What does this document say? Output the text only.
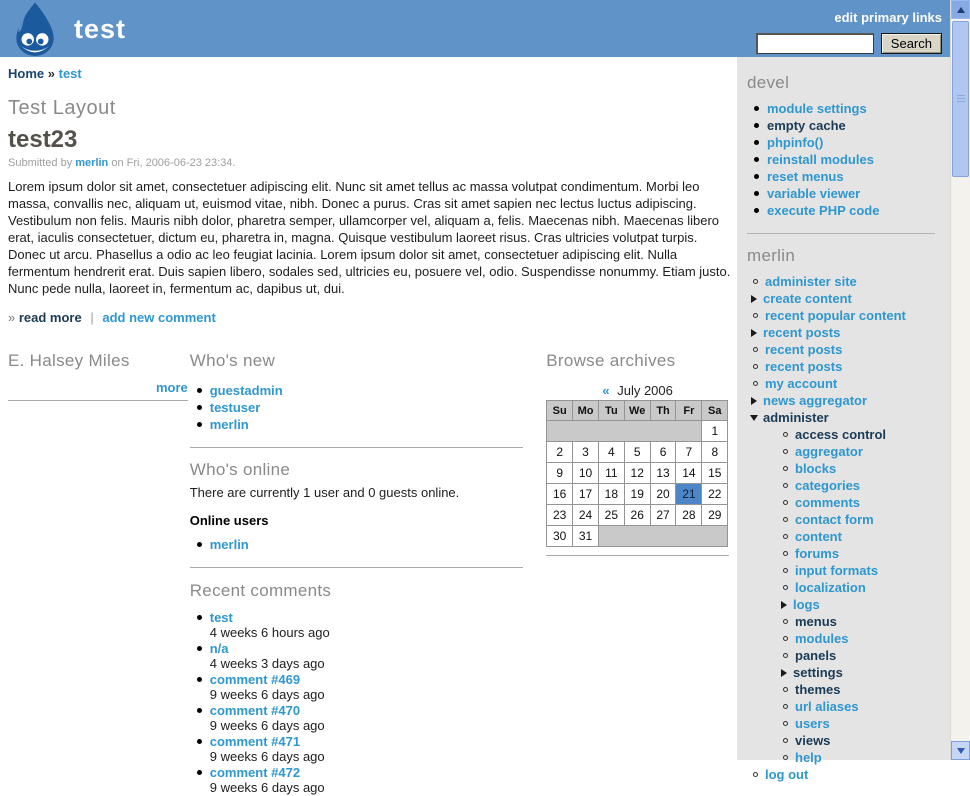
test	edit primary links
Search
Home » test
Test Layout
test23
Submitted by merlin on Fri, 2006-06-23 23:34.

Lorem ipsum dolor sit amet, consectetuer adipiscing elit. Nunc sit amet tellus ac massa volutpat condimentum. Morbi leo massa, convallis nec, aliquam ut, euismod vitae, nibh. Donec a purus. Cras sit amet sapien nec lectus luctus adipiscing. Vestibulum non felis. Mauris nibh dolor, pharetra semper, ullamcorper vel, aliquam a, felis. Maecenas nibh. Maecenas libero erat, iaculis consectetuer, dictum eu, pharetra in, magna. Quisque vestibulum laoreet risus. Cras ultricies volutpat turpis. Donec ut arcu. Phasellus a odio ac leo feugiat lacinia. Lorem ipsum dolor sit amet, consectetuer adipiscing elit. Nulla fermentum hendrerit erat. Duis sapien libero, sodales sed, ultricies eu, posuere vel, odio. Suspendisse nonummy. Etiam justo. Nunc pede nulla, laoreet in, fermentum ac, dapibus ut, dui.

» read more | add new comment
E. Halsey Miles
more
Who's new
guestadmin
testuser
merlin
Who's online
There are currently 1 user and 0 guests online.
Online users
merlin
Recent comments
test
4 weeks 6 hours ago
n/a
4 weeks 3 days ago
comment #469
9 weeks 6 days ago
comment #470
9 weeks 6 days ago
comment #471
9 weeks 6 days ago
comment #472
9 weeks 6 days ago
Browse archives
« July 2006
Su	Mo	Tu	We	Th	Fr	Sa
						1
2	3	4	5	6	7	8
9	10	11	12	13	14	15
16	17	18	19	20	21	22
23	24	25	26	27	28	29
30	31					
devel
module settings
empty cache
phpinfo()
reinstall modules
reset menus
variable viewer
execute PHP code
merlin
administer site
create content
recent popular content
recent posts
recent posts
recent posts
my account
news aggregator
administer
access control
aggregator
blocks
categories
comments
contact form
content
forums
input formats
localization
logs
menus
modules
panels
settings
themes
url aliases
users
views
help
log out
